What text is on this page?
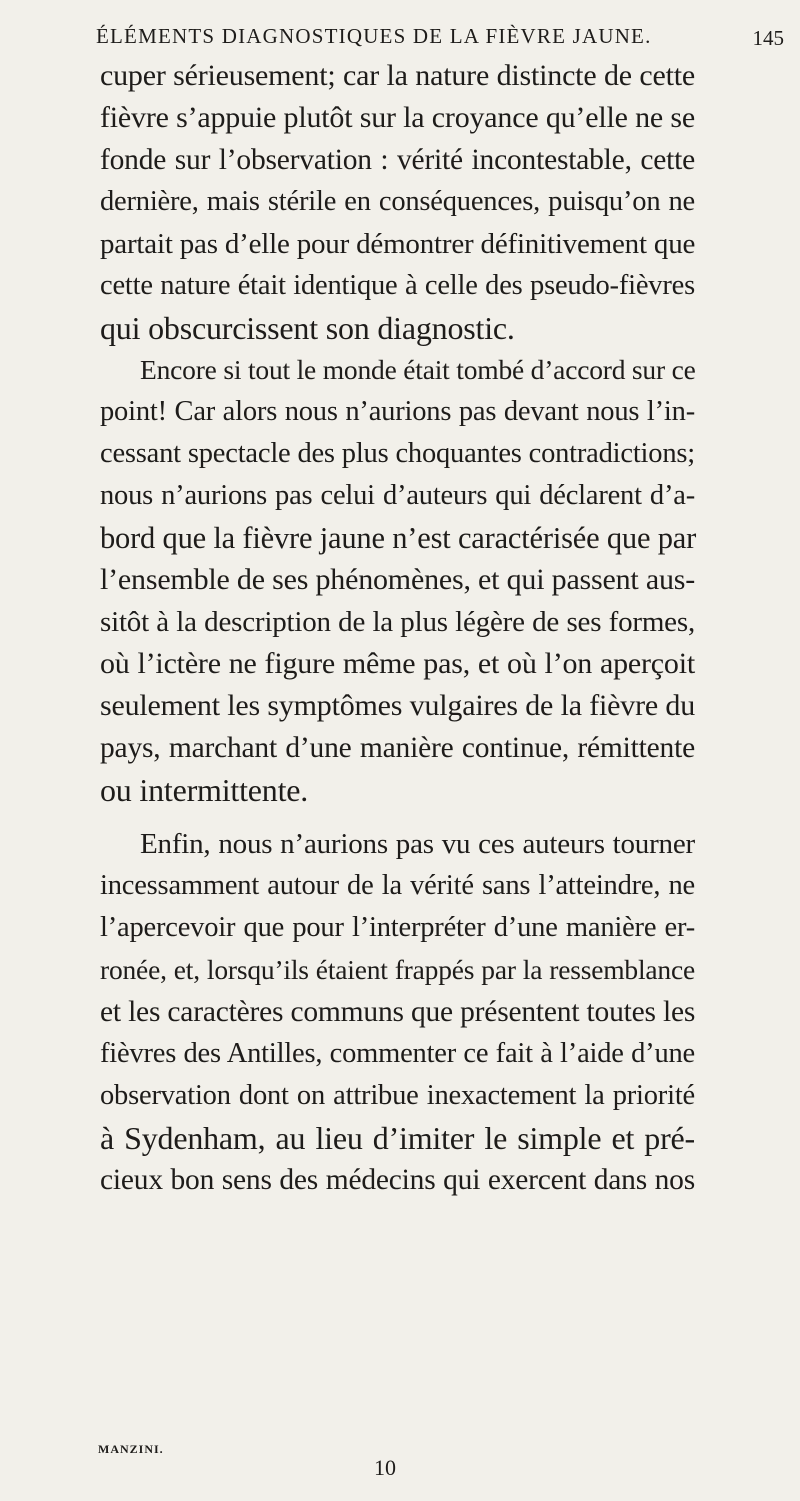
ÉLÉMENTS DIAGNOSTIQUES DE LA FIÈVRE JAUNE.	145
cuper sérieusement; car la nature distincte de cette
fièvre s’appuie plutôt sur la croyance qu’elle ne se
fonde sur l’observation : vérité incontestable, cette
dernière, mais stérile en conséquences, puisqu’on ne
partait pas d’elle pour démontrer définitivement que
cette nature était identique à celle des pseudo-fièvres
qui obscurcissent son diagnostic.
Encore si tout le monde était tombé d’accord sur ce
point! Car alors nous n’aurions pas devant nous l’in-
cessant spectacle des plus choquantes contradictions;
nous n’aurions pas celui d’auteurs qui déclarent d’a-
bord que la fièvre jaune n’est caractérisée que par
l’ensemble de ses phénomènes, et qui passent aus-
sitôt à la description de la plus légère de ses formes,
où l’ictère ne figure même pas, et où l’on aperçoit
seulement les symptômes vulgaires de la fièvre du
pays, marchant d’une manière continue, rémittente
ou intermittente.
Enfin, nous n’aurions pas vu ces auteurs tourner
incessamment autour de la vérité sans l’atteindre, ne
l’apercevoir que pour l’interpréter d’une manière er-
ronée, et, lorsqu’ils étaient frappés par la ressemblance
et les caractères communs que présentent toutes les
fièvres des Antilles, commenter ce fait à l’aide d’une
observation dont on attribue inexactement la priorité
à Sydenham, au lieu d’imiter le simple et pré-
cieux bon sens des médecins qui exercent dans nos
MANZINI.
10
